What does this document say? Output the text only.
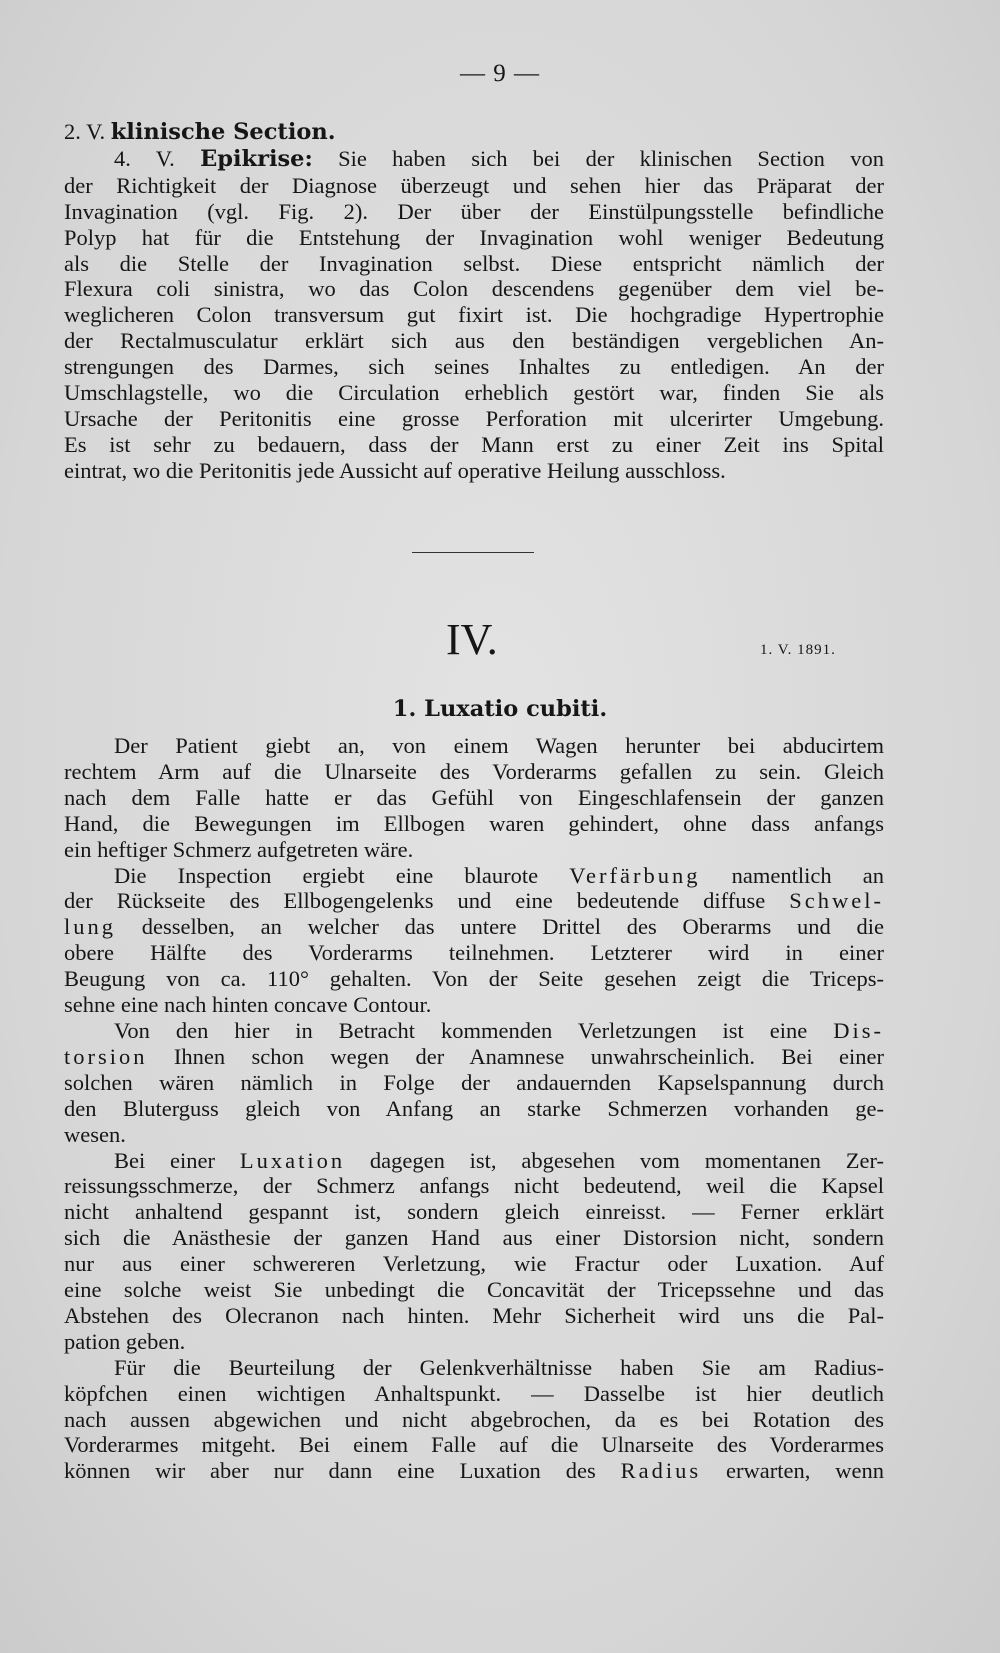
— 9 —
2. V. klinische Section.
4. V. Epikrise: Sie haben sich bei der klinischen Section von
der Richtigkeit der Diagnose überzeugt und sehen hier das Präparat der
Invagination (vgl. Fig. 2). Der über der Einstülpungsstelle befindliche
Polyp hat für die Entstehung der Invagination wohl weniger Bedeutung
als die Stelle der Invagination selbst. Diese entspricht nämlich der
Flexura coli sinistra, wo das Colon descendens gegenüber dem viel be-
weglicheren Colon transversum gut fixirt ist. Die hochgradige Hypertrophie
der Rectalmusculatur erklärt sich aus den beständigen vergeblichen An-
strengungen des Darmes, sich seines Inhaltes zu entledigen. An der
Umschlagstelle, wo die Circulation erheblich gestört war, finden Sie als
Ursache der Peritonitis eine grosse Perforation mit ulcerirter Umgebung.
Es ist sehr zu bedauern, dass der Mann erst zu einer Zeit ins Spital
eintrat, wo die Peritonitis jede Aussicht auf operative Heilung ausschloss.
IV.	1. V. 1891.
1. Luxatio cubiti.
Der Patient giebt an, von einem Wagen herunter bei abducirtem
rechtem Arm auf die Ulnarseite des Vorderarms gefallen zu sein. Gleich
nach dem Falle hatte er das Gefühl von Eingeschlafensein der ganzen
Hand, die Bewegungen im Ellbogen waren gehindert, ohne dass anfangs
ein heftiger Schmerz aufgetreten wäre.
Die Inspection ergiebt eine blaurote Verfärbung namentlich an
der Rückseite des Ellbogengelenks und eine bedeutende diffuse Schwel-
lung desselben, an welcher das untere Drittel des Oberarms und die
obere Hälfte des Vorderarms teilnehmen. Letzterer wird in einer
Beugung von ca. 110° gehalten. Von der Seite gesehen zeigt die Triceps-
sehne eine nach hinten concave Contour.
Von den hier in Betracht kommenden Verletzungen ist eine Dis-
torsion Ihnen schon wegen der Anamnese unwahrscheinlich. Bei einer
solchen wären nämlich in Folge der andauernden Kapselspannung durch
den Bluterguss gleich von Anfang an starke Schmerzen vorhanden ge-
wesen.
Bei einer Luxation dagegen ist, abgesehen vom momentanen Zer-
reissungsschmerze, der Schmerz anfangs nicht bedeutend, weil die Kapsel
nicht anhaltend gespannt ist, sondern gleich einreisst. — Ferner erklärt
sich die Anästhesie der ganzen Hand aus einer Distorsion nicht, sondern
nur aus einer schwereren Verletzung, wie Fractur oder Luxation. Auf
eine solche weist Sie unbedingt die Concavität der Tricepssehne und das
Abstehen des Olecranon nach hinten. Mehr Sicherheit wird uns die Pal-
pation geben.
Für die Beurteilung der Gelenkverhältnisse haben Sie am Radius-
köpfchen einen wichtigen Anhaltspunkt. — Dasselbe ist hier deutlich
nach aussen abgewichen und nicht abgebrochen, da es bei Rotation des
Vorderarmes mitgeht. Bei einem Falle auf die Ulnarseite des Vorderarmes
können wir aber nur dann eine Luxation des Radius erwarten, wenn
